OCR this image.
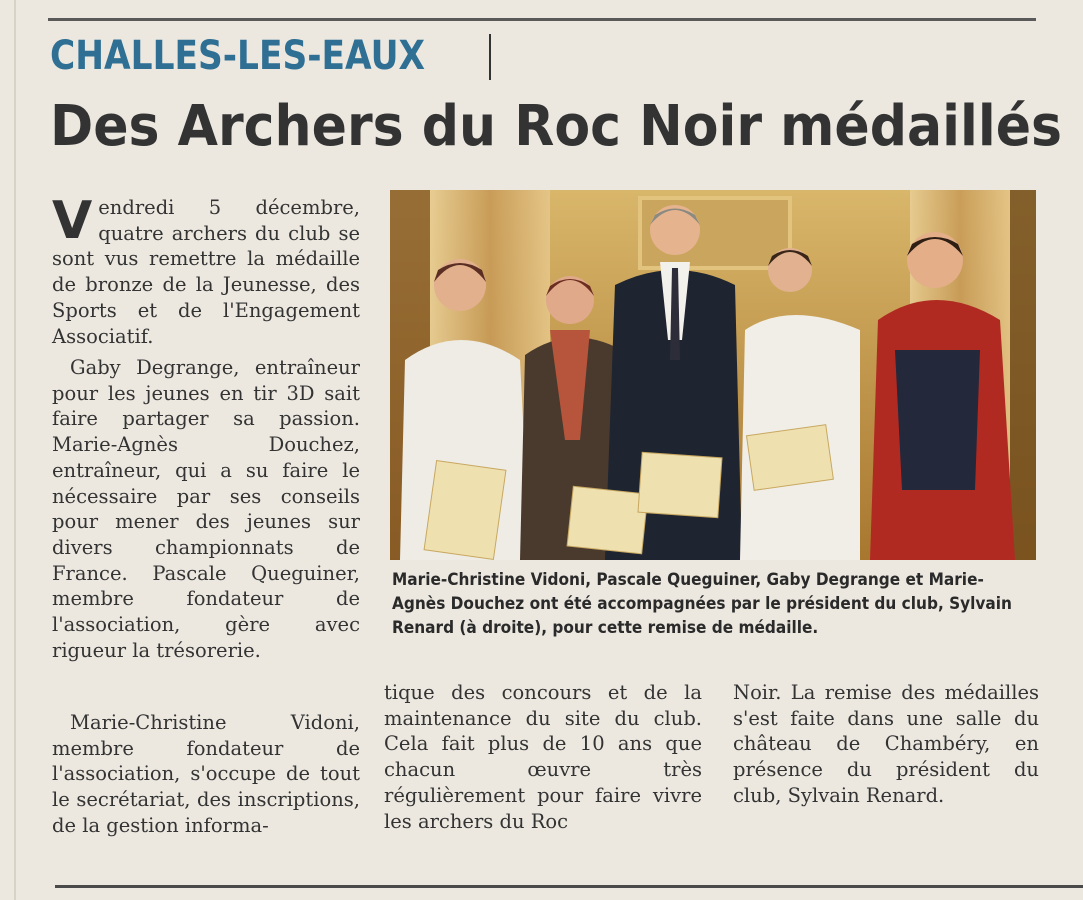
CHALLES-LES-EAUX
Des Archers du Roc Noir médaillés

Vendredi 5 décembre, quatre archers du club se sont vus remettre la médaille de bronze de la Jeunesse, des Sports et de l'Engagement Associatif.

Gaby Degrange, entraîneur pour les jeunes en tir 3D sait faire partager sa passion. Marie-Agnès Douchez, entraîneur, qui a su faire le nécessaire par ses conseils pour mener des jeunes sur divers championnats de France. Pascale Queguiner, membre fondateur de l'association, gère avec rigueur la trésorerie.

Marie-Christine Vidoni, membre fondateur de l'association, s'occupe de tout le secrétariat, des inscriptions, de la gestion informa-

Marie-Christine Vidoni, Pascale Queguiner, Gaby Degrange et Marie-Agnès Douchez ont été accompagnées par le président du club, Sylvain Renard (à droite), pour cette remise de médaille.

tique des concours et de la maintenance du site du club. Cela fait plus de 10 ans que chacun œuvre très régulièrement pour faire vivre les archers du Roc

Noir. La remise des médailles s'est faite dans une salle du château de Chambéry, en présence du président du club, Sylvain Renard.
